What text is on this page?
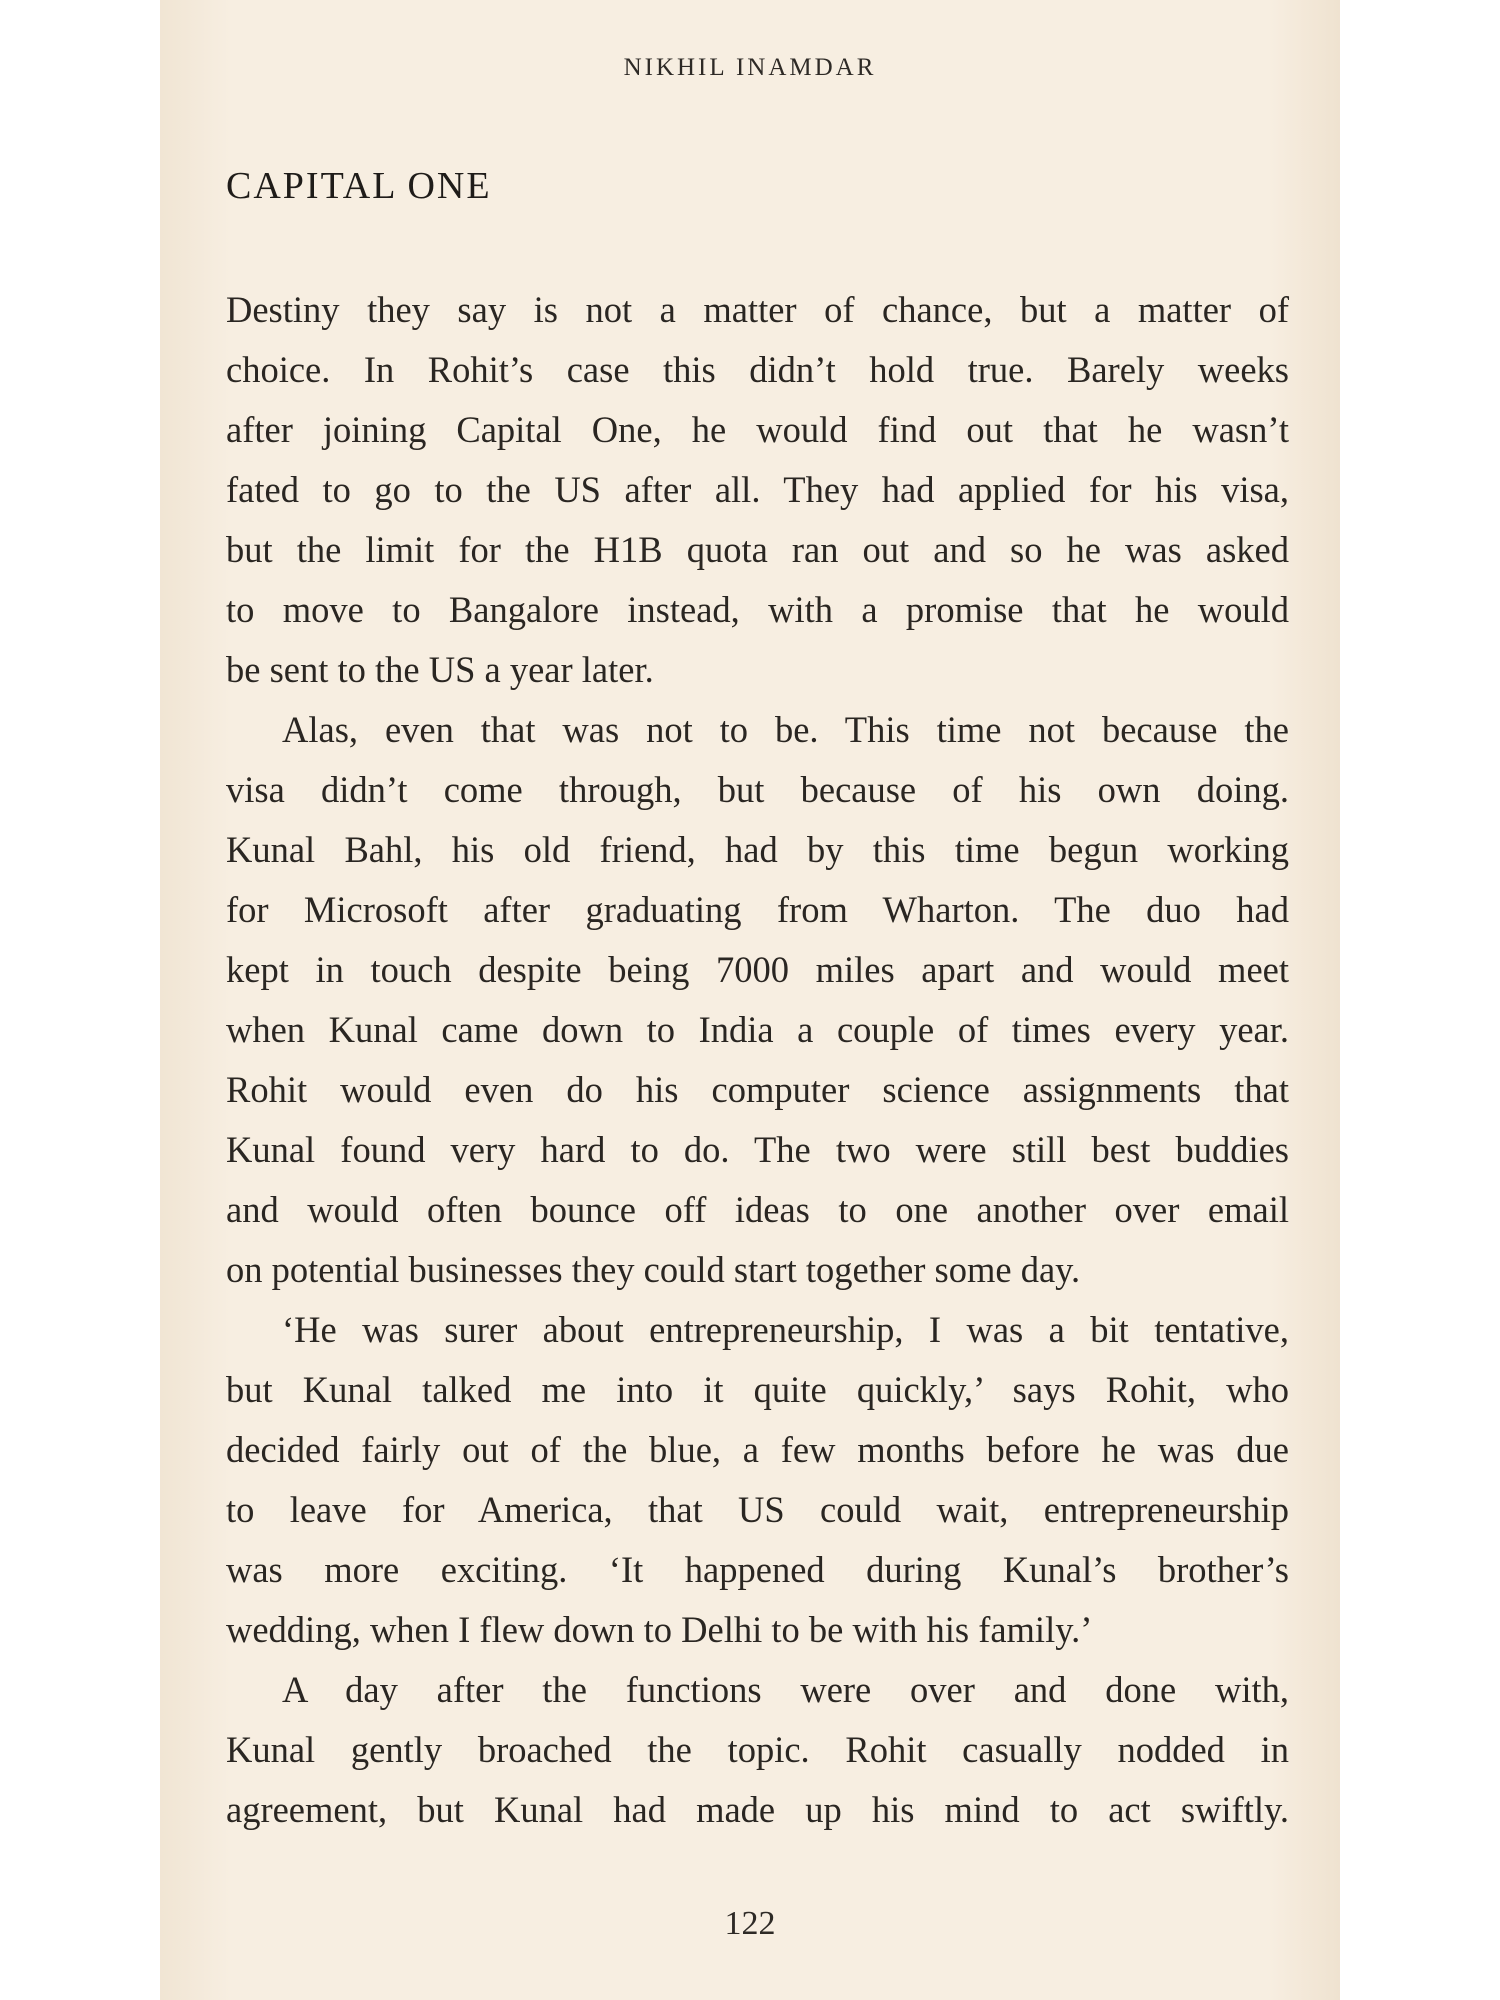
NIKHIL INAMDAR
CAPITAL ONE
Destiny they say is not a matter of chance, but a matter of
choice. In Rohit’s case this didn’t hold true. Barely weeks
after joining Capital One, he would find out that he wasn’t
fated to go to the US after all. They had applied for his visa,
but the limit for the H1B quota ran out and so he was asked
to move to Bangalore instead, with a promise that he would
be sent to the US a year later.
Alas, even that was not to be. This time not because the
visa didn’t come through, but because of his own doing.
Kunal Bahl, his old friend, had by this time begun working
for Microsoft after graduating from Wharton. The duo had
kept in touch despite being 7000 miles apart and would meet
when Kunal came down to India a couple of times every year.
Rohit would even do his computer science assignments that
Kunal found very hard to do. The two were still best buddies
and would often bounce off ideas to one another over email
on potential businesses they could start together some day.
‘He was surer about entrepreneurship, I was a bit tentative,
but Kunal talked me into it quite quickly,’ says Rohit, who
decided fairly out of the blue, a few months before he was due
to leave for America, that US could wait, entrepreneurship
was more exciting. ‘It happened during Kunal’s brother’s
wedding, when I flew down to Delhi to be with his family.’
A day after the functions were over and done with,
Kunal gently broached the topic. Rohit casually nodded in
agreement, but Kunal had made up his mind to act swiftly.
122
